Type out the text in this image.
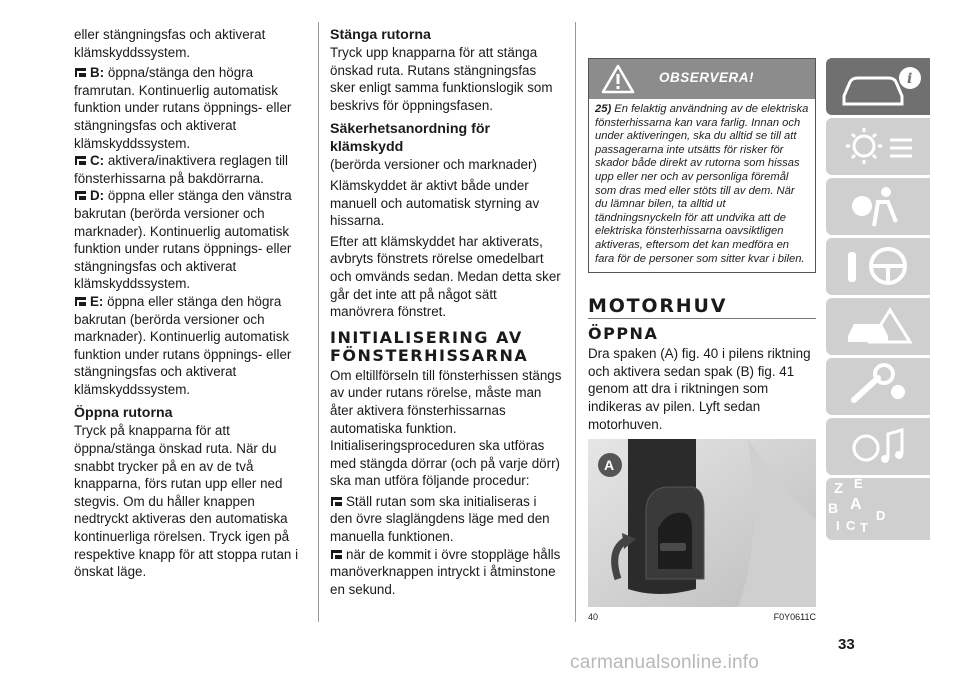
eller stängningsfas och aktiverat klämskyddssystem.

B: öppna/stänga den högra framrutan. Kontinuerlig automatisk funktion under rutans öppnings- eller stängningsfas och aktiverat klämskyddssystem.
C: aktivera/inaktivera reglagen till fönsterhissarna på bakdörrarna.
D: öppna eller stänga den vänstra bakrutan (berörda versioner och marknader). Kontinuerlig automatisk funktion under rutans öppnings- eller stängningsfas och aktiverat klämskyddssystem.
E: öppna eller stänga den högra bakrutan (berörda versioner och marknader). Kontinuerlig automatisk funktion under rutans öppnings- eller stängningsfas och aktiverat klämskyddssystem.
Öppna rutorna

Tryck på knapparna för att öppna/stänga önskad ruta. När du snabbt trycker på en av de två knapparna, förs rutan upp eller ned stegvis. Om du håller knappen nedtryckt aktiveras den automatiska kontinuerliga rörelsen. Tryck igen på respektive knapp för att stoppa rutan i önskat läge.

Stänga rutorna

Tryck upp knapparna för att stänga önskad ruta. Rutans stängningsfas sker enligt samma funktionslogik som beskrivs för öppningsfasen.

Säkerhetsanordning för klämskydd

(berörda versioner och marknader)

Klämskyddet är aktivt både under manuell och automatisk styrning av hissarna.

Efter att klämskyddet har aktiverats, avbryts fönstrets rörelse omedelbart och omvänds sedan. Medan detta sker går det inte att på något sätt manövrera fönstret.

INITIALISERING AV FÖNSTERHISSARNA

Om eltillförseln till fönsterhissen stängs av under rutans rörelse, måste man åter aktivera fönsterhissarnas automatiska funktion. Initialiseringsproceduren ska utföras med stängda dörrar (och på varje dörr) ska man utföra följande procedur:

Ställ rutan som ska initialiseras i den övre slaglängdens läge med den manuella funktionen.
när de kommit i övre stoppläge hålls manöverknappen intryckt i åtminstone en sekund.
OBSERVERA!
25) En felaktig användning av de elektriska fönsterhissarna kan vara farlig. Innan och under aktiveringen, ska du alltid se till att passagerarna inte utsätts för risker för skador både direkt av rutorna som hissas upp eller ner och av personliga föremål som dras med eller stöts till av dem. När du lämnar bilen, ta alltid ut tändningsnyckeln för att undvika att de elektriska fönsterhissarna oavsiktligen aktiveras, eftersom det kan medföra en fara för de personer som sitter kvar i bilen.
MOTORHUV
ÖPPNA

Dra spaken (A) fig. 40 i pilens riktning och aktivera sedan spak (B) fig. 41 genom att dra i riktningen som indikeras av pilen. Lyft sedan motorhuven.

A
40	F0Y0611C
i
Z E
B A
I C T
D
33
carmanualsonline.info
